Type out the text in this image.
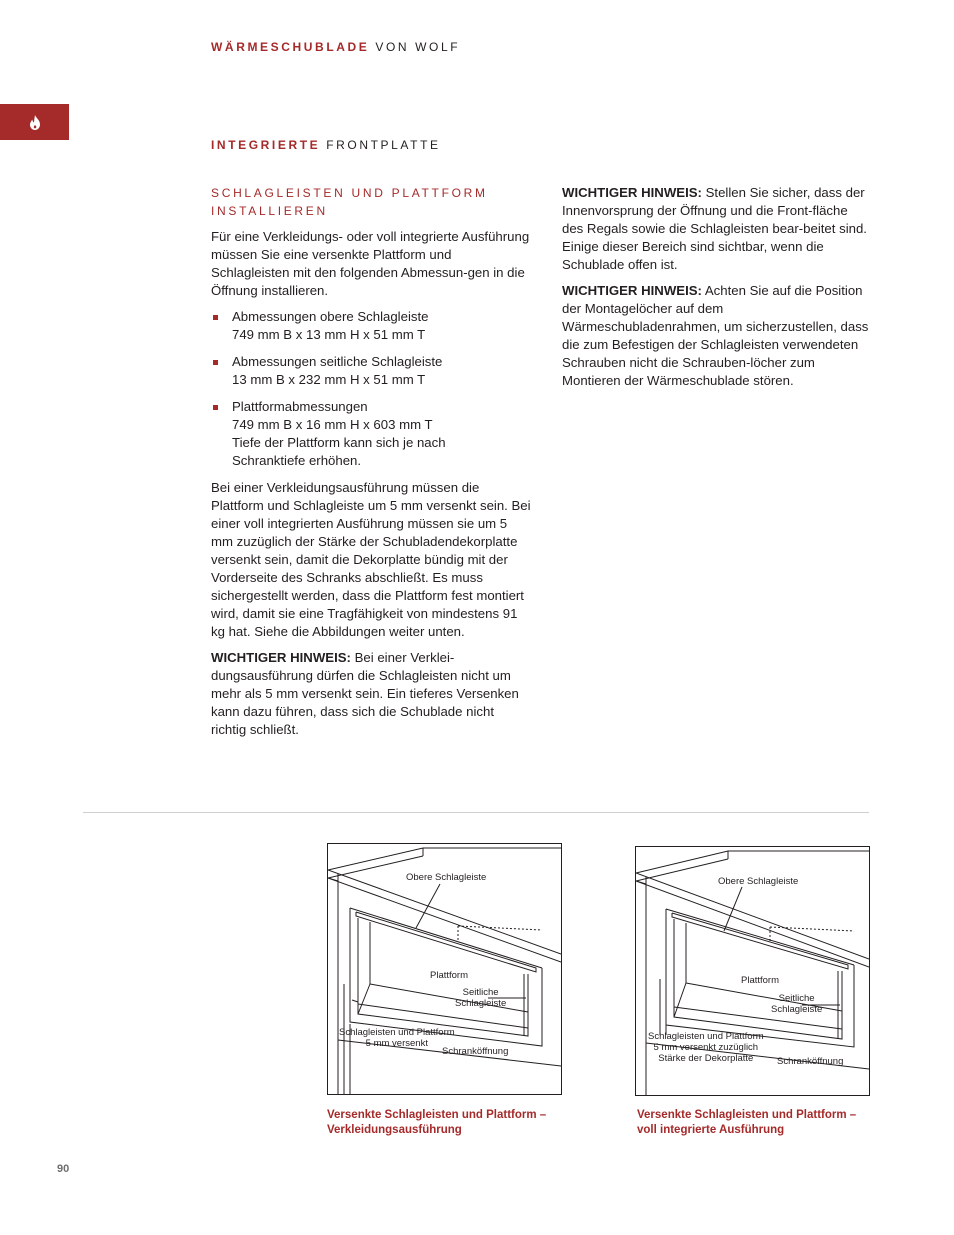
WÄRMESCHUBLADE VON WOLF
INTEGRIERTE FRONTPLATTE
SCHLAGLEISTEN UND PLATTFORM
INSTALLIEREN

Für eine Verkleidungs- oder voll integrierte Ausführung müssen Sie eine versenkte Plattform und Schlagleisten mit den folgenden Abmessun-gen in die Öffnung installieren.

Abmessungen obere Schlagleiste
749 mm B x 13 mm H x 51 mm T
Abmessungen seitliche Schlagleiste
13 mm B x 232 mm H x 51 mm T
Plattformabmessungen
749 mm B x 16 mm H x 603 mm T
Tiefe der Plattform kann sich je nach
Schranktiefe erhöhen.

Bei einer Verkleidungsausführung müssen die Plattform und Schlagleiste um 5 mm versenkt sein. Bei einer voll integrierten Ausführung müssen sie um 5 mm zuzüglich der Stärke der Schubladendekorplatte versenkt sein, damit die Dekorplatte bündig mit der Vorderseite des Schranks abschließt. Es muss sichergestellt werden, dass die Plattform fest montiert wird, damit sie eine Tragfähigkeit von mindestens 91 kg hat. Siehe die Abbildungen weiter unten.

WICHTIGER HINWEIS: Bei einer Verklei-dungsausführung dürfen die Schlagleisten nicht um mehr als 5 mm versenkt sein. Ein tieferes Versenken kann dazu führen, dass sich die Schublade nicht richtig schließt.

WICHTIGER HINWEIS: Stellen Sie sicher, dass der Innenvorsprung der Öffnung und die Front-fläche des Regals sowie die Schlagleisten bear-beitet sind. Einige dieser Bereich sind sichtbar, wenn die Schublade offen ist.

WICHTIGER HINWEIS: Achten Sie auf die Position der Montagelöcher auf dem Wärmeschubladenrahmen, um sicherzustellen, dass die zum Befestigen der Schlagleisten verwendeten Schrauben nicht die Schrauben-löcher zum Montieren der Wärmeschublade stören.

Obere Schlagleiste
Plattform
Seitliche
Schlagleiste
Schlagleisten und Plattform
5 mm versenkt
Schranköffnung
Obere Schlagleiste
Plattform
Seitliche
Schlagleiste
Schlagleisten und Plattform
5 mm versenkt zuzüglich
Stärke der Dekorplatte	Schranköffnung
Versenkte Schlagleisten und Plattform –
Verkleidungsausführung
Versenkte Schlagleisten und Plattform –
voll integrierte Ausführung
90
